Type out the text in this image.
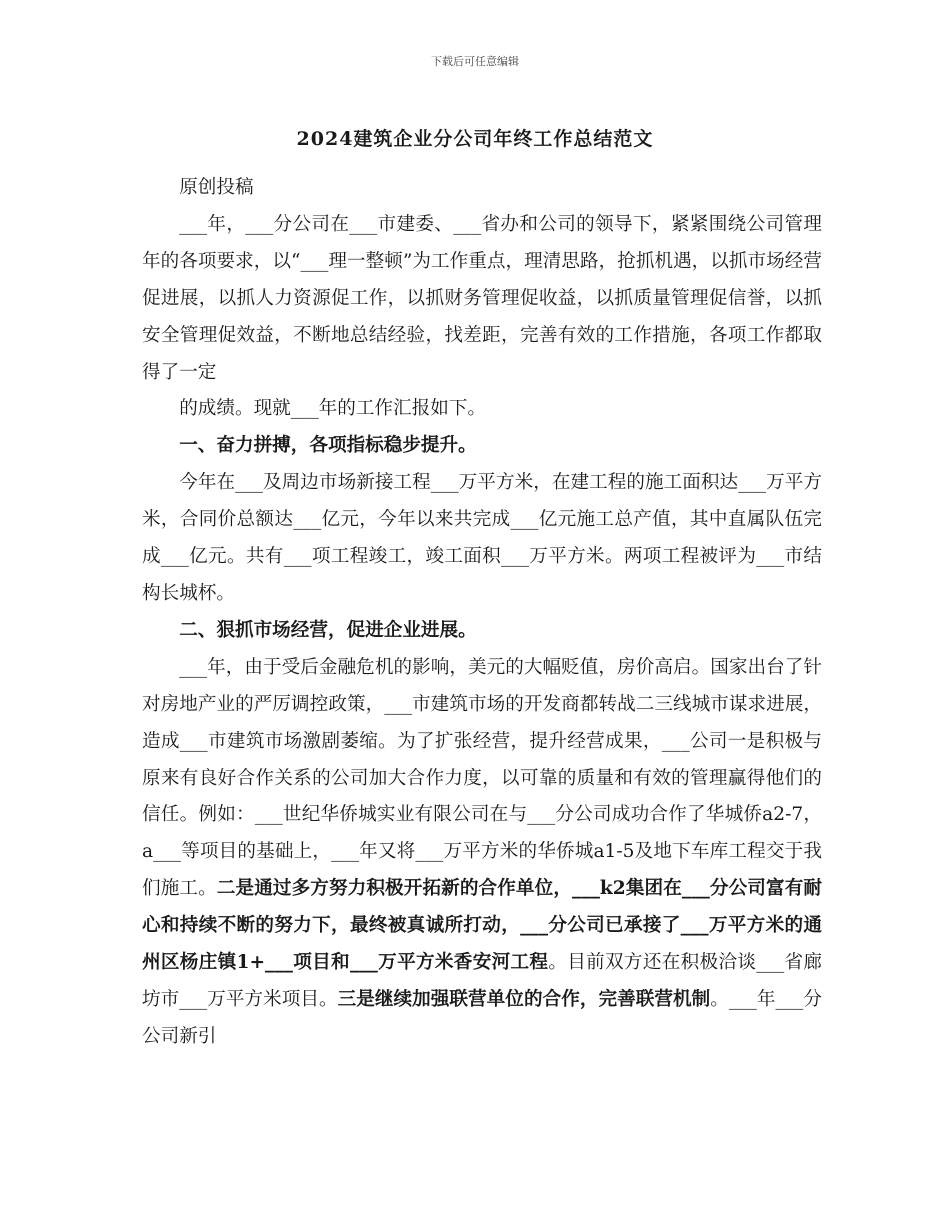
下载后可任意编辑
2024建筑企业分公司年终工作总结范文

原创投稿

___年，___分公司在___市建委、___省办和公司的领导下，紧紧围绕公司管理年的各项要求，以“___理一整顿”为工作重点，理清思路，抢抓机遇，以抓市场经营促进展，以抓人力资源促工作，以抓财务管理促收益，以抓质量管理促信誉，以抓安全管理促效益，不断地总结经验，找差距，完善有效的工作措施，各项工作都取得了一定

的成绩。现就___年的工作汇报如下。

一、奋力拼搏，各项指标稳步提升。

今年在___及周边市场新接工程___万平方米，在建工程的施工面积达___万平方米，合同价总额达___亿元，今年以来共完成___亿元施工总产值，其中直属队伍完成___亿元。共有___项工程竣工，竣工面积___万平方米。两项工程被评为___市结构长城杯。

二、狠抓市场经营，促进企业进展。

___年，由于受后金融危机的影响，美元的大幅贬值，房价高启。国家出台了针对房地产业的严厉调控政策，___市建筑市场的开发商都转战二三线城市谋求进展，造成___市建筑市场激剧萎缩。为了扩张经营，提升经营成果，___公司一是积极与原来有良好合作关系的公司加大合作力度，以可靠的质量和有效的管理赢得他们的信任。例如：___世纪华侨城实业有限公司在与___分公司成功合作了华城侨a2-7，a___等项目的基础上，___年又将___万平方米的华侨城a1-5及地下车库工程交于我们施工。二是通过多方努力积极开拓新的合作单位，___k2集团在___分公司富有耐心和持续不断的努力下，最终被真诚所打动，___分公司已承接了___万平方米的通州区杨庄镇1+___项目和___万平方米香安河工程。目前双方还在积极洽谈___省廊坊市___万平方米项目。三是继续加强联营单位的合作，完善联营机制。___年___分公司新引
